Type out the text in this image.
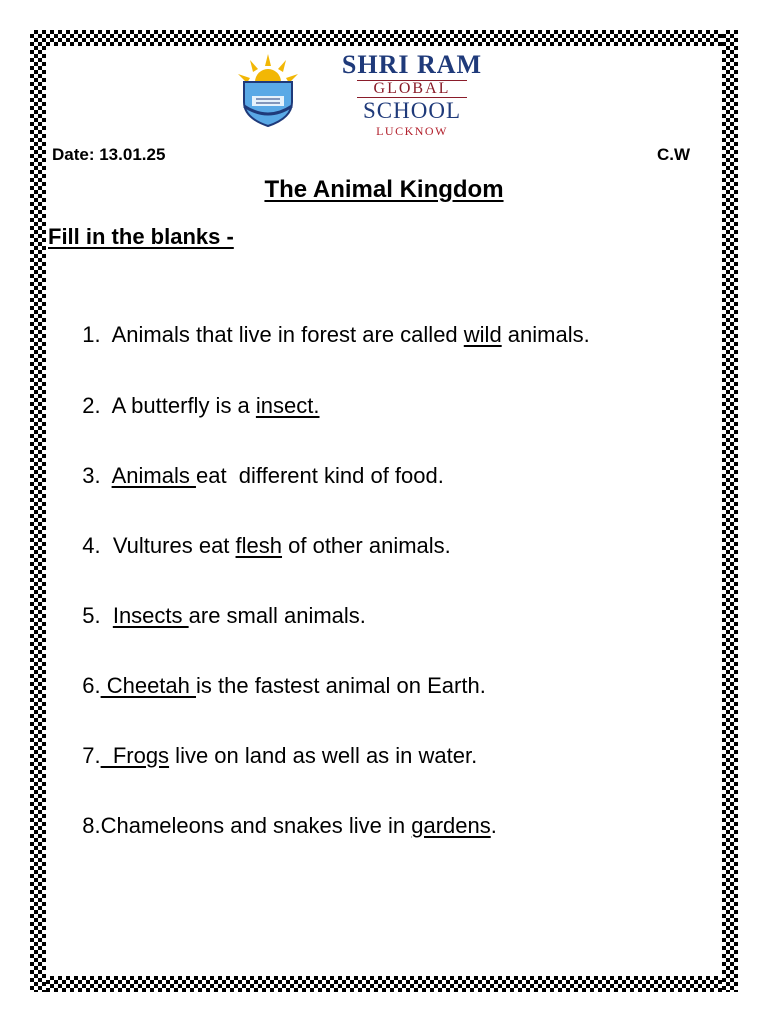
SHRI RAM
GLOBAL
SCHOOL
LUCKNOW
Date: 13.01.25	C.W
The Animal Kingdom
Fill in the blanks -

1. Animals that live in forest are called wild animals.

2. A butterfly is a insect.

3. Animals eat  different kind of food.

4. Vultures eat flesh of other animals.

5. Insects are small animals.

6. Cheetah is the fastest animal on Earth.

7.  Frogs live on land as well as in water.

8.Chameleons and snakes live in gardens.
